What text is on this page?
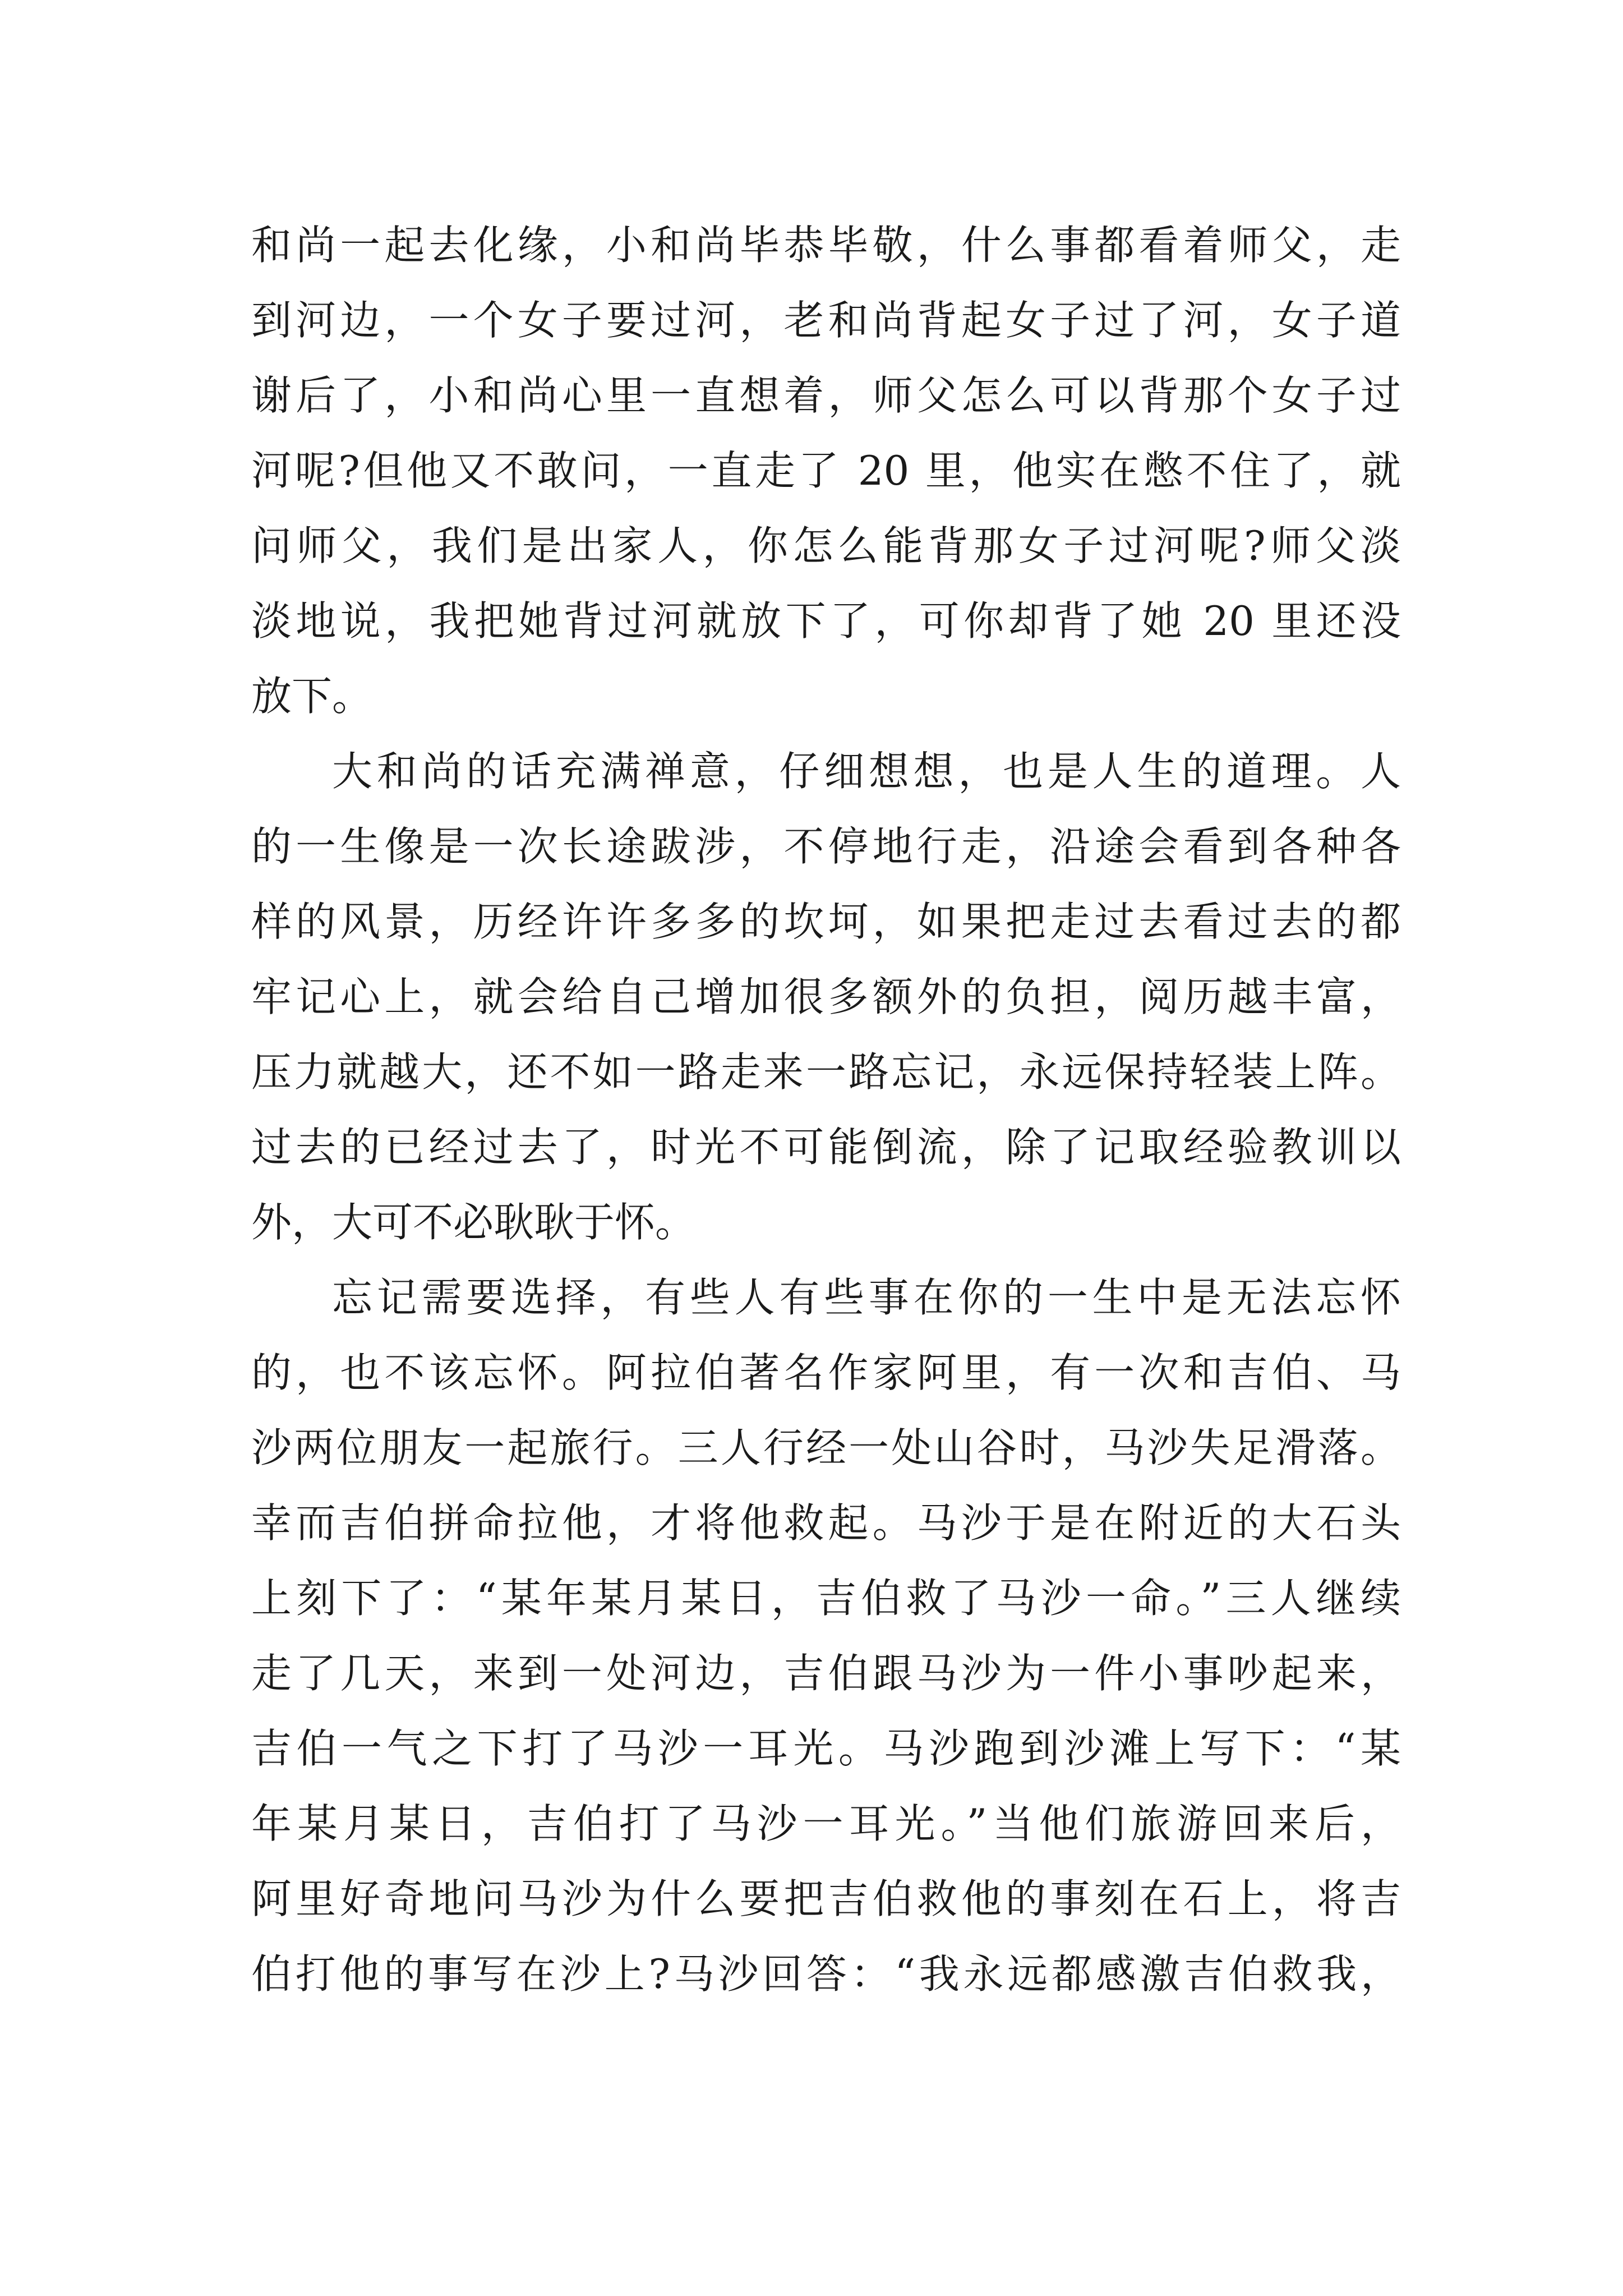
和尚一起去化缘，小和尚毕恭毕敬，什么事都看着师父，走
到河边，一个女子要过河，老和尚背起女子过了河，女子道
谢后了，小和尚心里一直想着，师父怎么可以背那个女子过
河呢?但他又不敢问，一直走了 20 里，他实在憋不住了，就
问师父，我们是出家人，你怎么能背那女子过河呢?师父淡
淡地说，我把她背过河就放下了，可你却背了她 20 里还没
放下。
大和尚的话充满禅意，仔细想想，也是人生的道理。人
的一生像是一次长途跋涉，不停地行走，沿途会看到各种各
样的风景，历经许许多多的坎坷，如果把走过去看过去的都
牢记心上，就会给自己增加很多额外的负担，阅历越丰富，
压力就越大，还不如一路走来一路忘记，永远保持轻装上阵。
过去的已经过去了，时光不可能倒流，除了记取经验教训以
外，大可不必耿耿于怀。
忘记需要选择，有些人有些事在你的一生中是无法忘怀
的，也不该忘怀。阿拉伯著名作家阿里，有一次和吉伯、马
沙两位朋友一起旅行。三人行经一处山谷时，马沙失足滑落。
幸而吉伯拼命拉他，才将他救起。马沙于是在附近的大石头
上刻下了：“某年某月某日，吉伯救了马沙一命。”三人继续
走了几天，来到一处河边，吉伯跟马沙为一件小事吵起来，
吉伯一气之下打了马沙一耳光。马沙跑到沙滩上写下：“某
年某月某日，吉伯打了马沙一耳光。”当他们旅游回来后，
阿里好奇地问马沙为什么要把吉伯救他的事刻在石上，将吉
伯打他的事写在沙上?马沙回答：“我永远都感激吉伯救我，
